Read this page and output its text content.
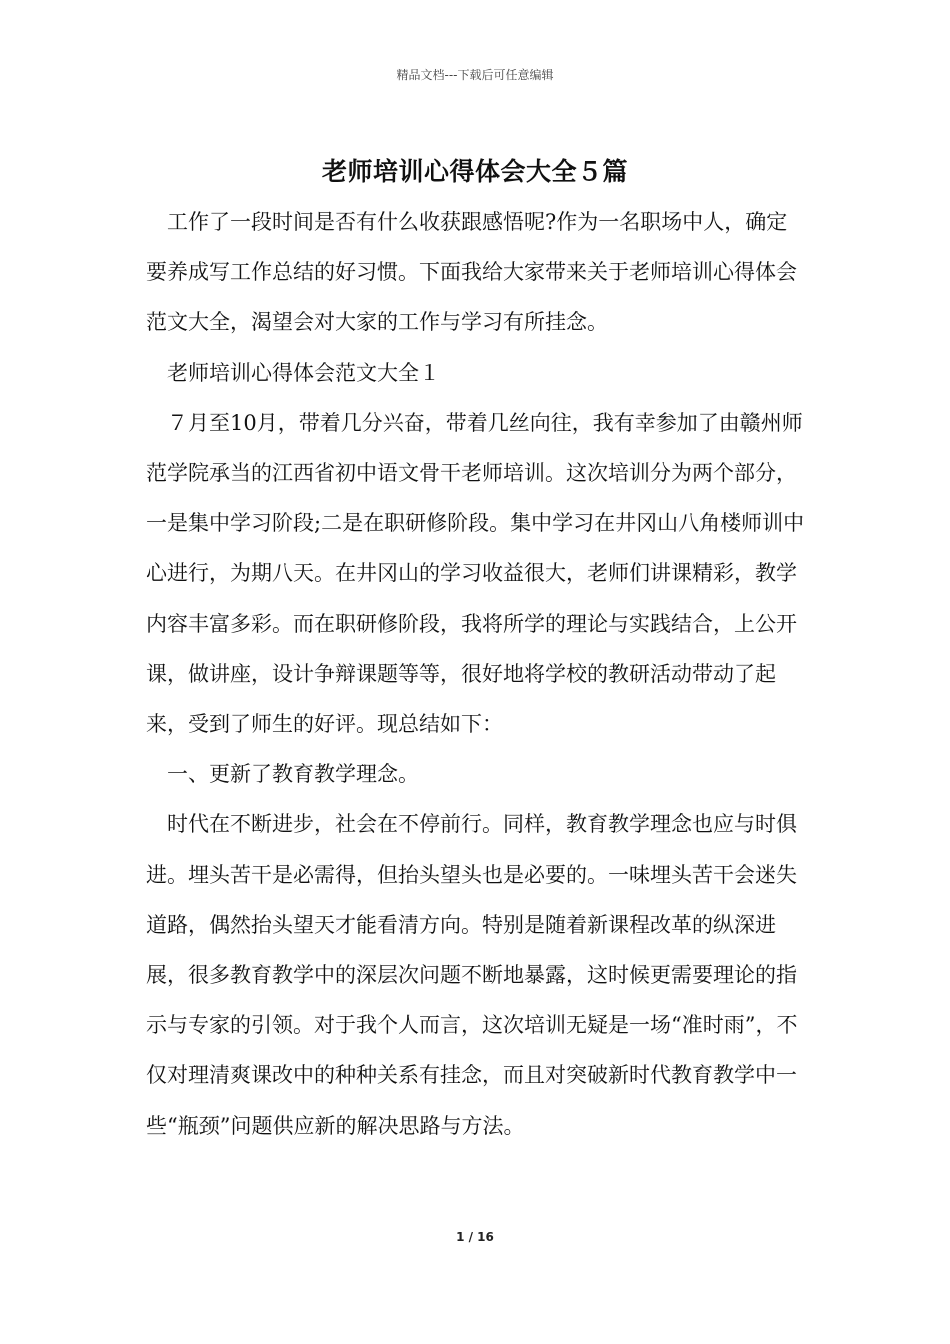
精品文档---下载后可任意编辑
老师培训心得体会大全５篇

工作了一段时间是否有什么收获跟感悟呢?作为一名职场中人，确定要养成写工作总结的好习惯。下面我给大家带来关于老师培训心得体会范文大全，渴望会对大家的工作与学习有所挂念。

老师培训心得体会范文大全１

７月至10月，带着几分兴奋，带着几丝向往，我有幸参加了由赣州师范学院承当的江西省初中语文骨干老师培训。这次培训分为两个部分，一是集中学习阶段;二是在职研修阶段。集中学习在井冈山八角楼师训中心进行，为期八天。在井冈山的学习收益很大，老师们讲课精彩，教学内容丰富多彩。而在职研修阶段，我将所学的理论与实践结合，上公开课，做讲座，设计争辩课题等等，很好地将学校的教研活动带动了起来，受到了师生的好评。现总结如下：

一、更新了教育教学理念。

时代在不断进步，社会在不停前行。同样，教育教学理念也应与时俱进。埋头苦干是必需得，但抬头望头也是必要的。一味埋头苦干会迷失道路，偶然抬头望天才能看清方向。特别是随着新课程改革的纵深进展，很多教育教学中的深层次问题不断地暴露，这时候更需要理论的指示与专家的引领。对于我个人而言，这次培训无疑是一场“准时雨”，不仅对理清爽课改中的种种关系有挂念，而且对突破新时代教育教学中一些“瓶颈”问题供应新的解决思路与方法。

1 / 16
